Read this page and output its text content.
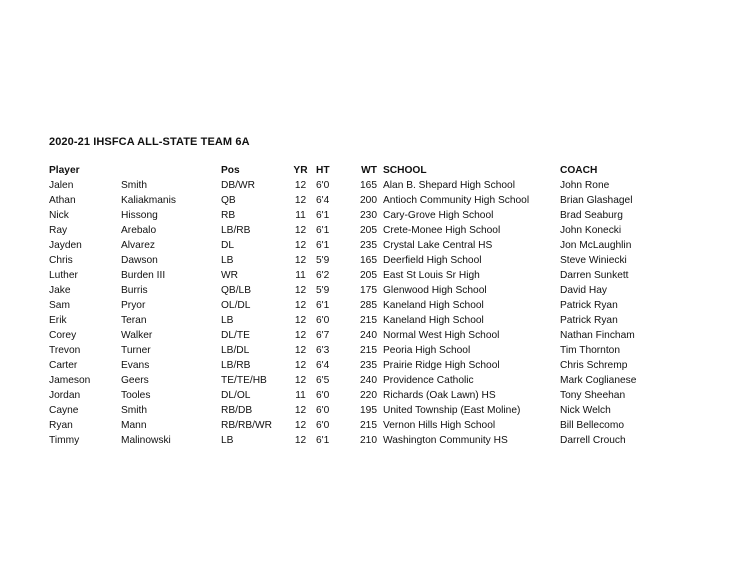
2020-21 IHSFCA ALL-STATE TEAM 6A
Player		Pos	YR	HT	WT	SCHOOL	COACH
Jalen	Smith	DB/WR	12	6'0	165	Alan B. Shepard High School	John Rone
Athan	Kaliakmanis	QB	12	6'4	200	Antioch Community High School	Brian Glashagel
Nick	Hissong	RB	11	6'1	230	Cary-Grove High School	Brad Seaburg
Ray	Arebalo	LB/RB	12	6'1	205	Crete-Monee High School	John Konecki
Jayden	Alvarez	DL	12	6'1	235	Crystal Lake Central HS	Jon McLaughlin
Chris	Dawson	LB	12	5'9	165	Deerfield High School	Steve Winiecki
Luther	Burden III	WR	11	6'2	205	East St Louis Sr High	Darren Sunkett
Jake	Burris	QB/LB	12	5'9	175	Glenwood High School	David Hay
Sam	Pryor	OL/DL	12	6'1	285	Kaneland High School	Patrick Ryan
Erik	Teran	LB	12	6'0	215	Kaneland High School	Patrick Ryan
Corey	Walker	DL/TE	12	6'7	240	Normal West High School	Nathan Fincham
Trevon	Turner	LB/DL	12	6'3	215	Peoria High School	Tim Thornton
Carter	Evans	LB/RB	12	6'4	235	Prairie Ridge High School	Chris Schremp
Jameson	Geers	TE/TE/HB	12	6'5	240	Providence Catholic	Mark Coglianese
Jordan	Tooles	DL/OL	11	6'0	220	Richards (Oak Lawn) HS	Tony Sheehan
Cayne	Smith	RB/DB	12	6'0	195	United Township (East Moline)	Nick Welch
Ryan	Mann	RB/RB/WR	12	6'0	215	Vernon Hills High School	Bill Bellecomo
Timmy	Malinowski	LB	12	6'1	210	Washington Community HS	Darrell Crouch
